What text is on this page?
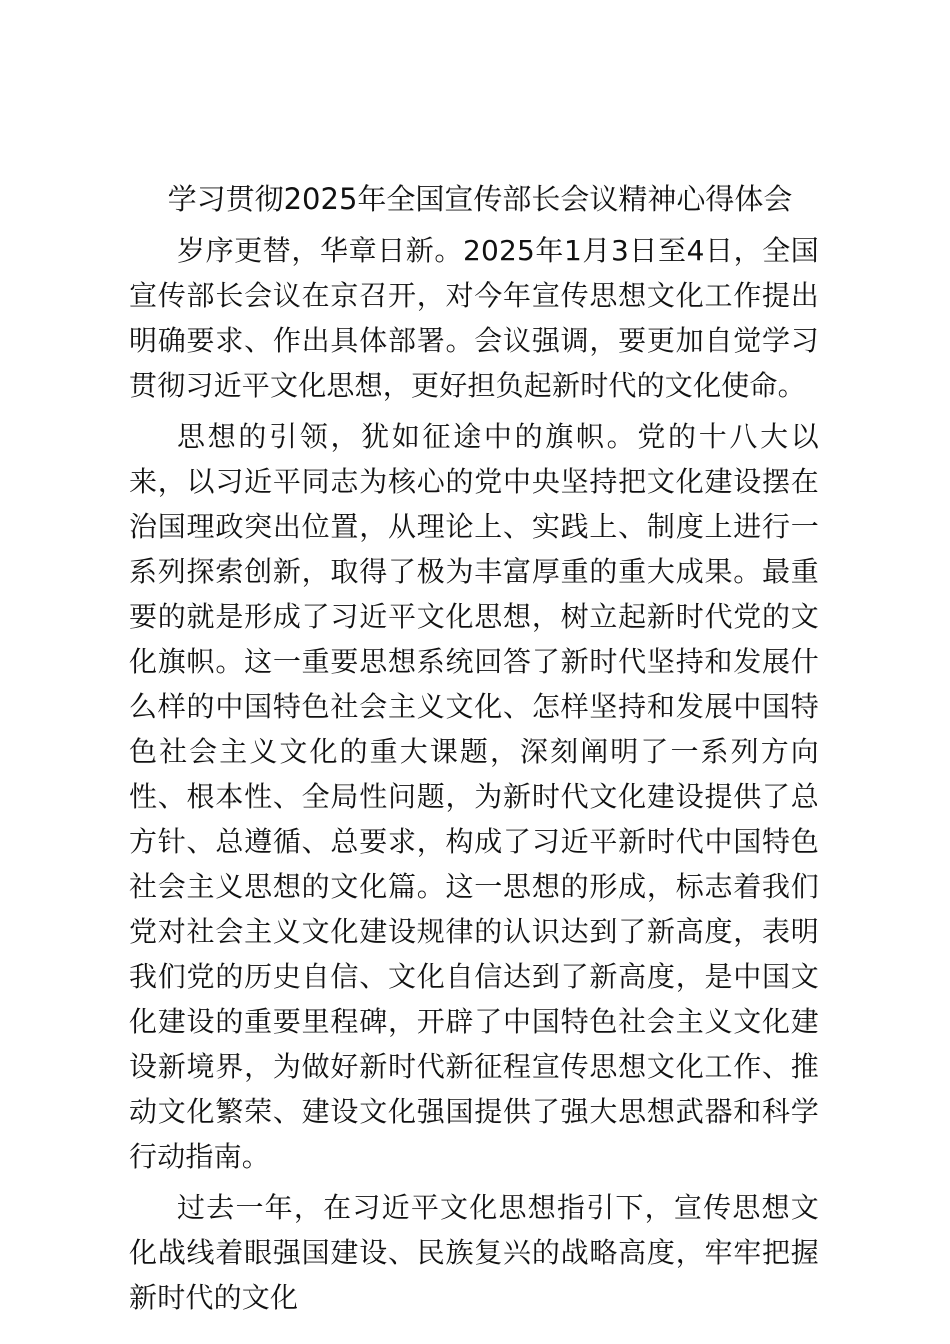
学习贯彻2025年全国宣传部长会议精神心得体会

岁序更替，华章日新。2025年1月3日至4日，全国宣传部长会议在京召开，对今年宣传思想文化工作提出明确要求、作出具体部署。会议强调，要更加自觉学习贯彻习近平文化思想，更好担负起新时代的文化使命。

思想的引领，犹如征途中的旗帜。党的十八大以来，以习近平同志为核心的党中央坚持把文化建设摆在治国理政突出位置，从理论上、实践上、制度上进行一系列探索创新，取得了极为丰富厚重的重大成果。最重要的就是形成了习近平文化思想，树立起新时代党的文化旗帜。这一重要思想系统回答了新时代坚持和发展什么样的中国特色社会主义文化、怎样坚持和发展中国特色社会主义文化的重大课题，深刻阐明了一系列方向性、根本性、全局性问题，为新时代文化建设提供了总方针、总遵循、总要求，构成了习近平新时代中国特色社会主义思想的文化篇。这一思想的形成，标志着我们党对社会主义文化建设规律的认识达到了新高度，表明我们党的历史自信、文化自信达到了新高度，是中国文化建设的重要里程碑，开辟了中国特色社会主义文化建设新境界，为做好新时代新征程宣传思想文化工作、推动文化繁荣、建设文化强国提供了强大思想武器和科学行动指南。

过去一年，在习近平文化思想指引下，宣传思想文化战线着眼强国建设、民族复兴的战略高度，牢牢把握新时代的文化
